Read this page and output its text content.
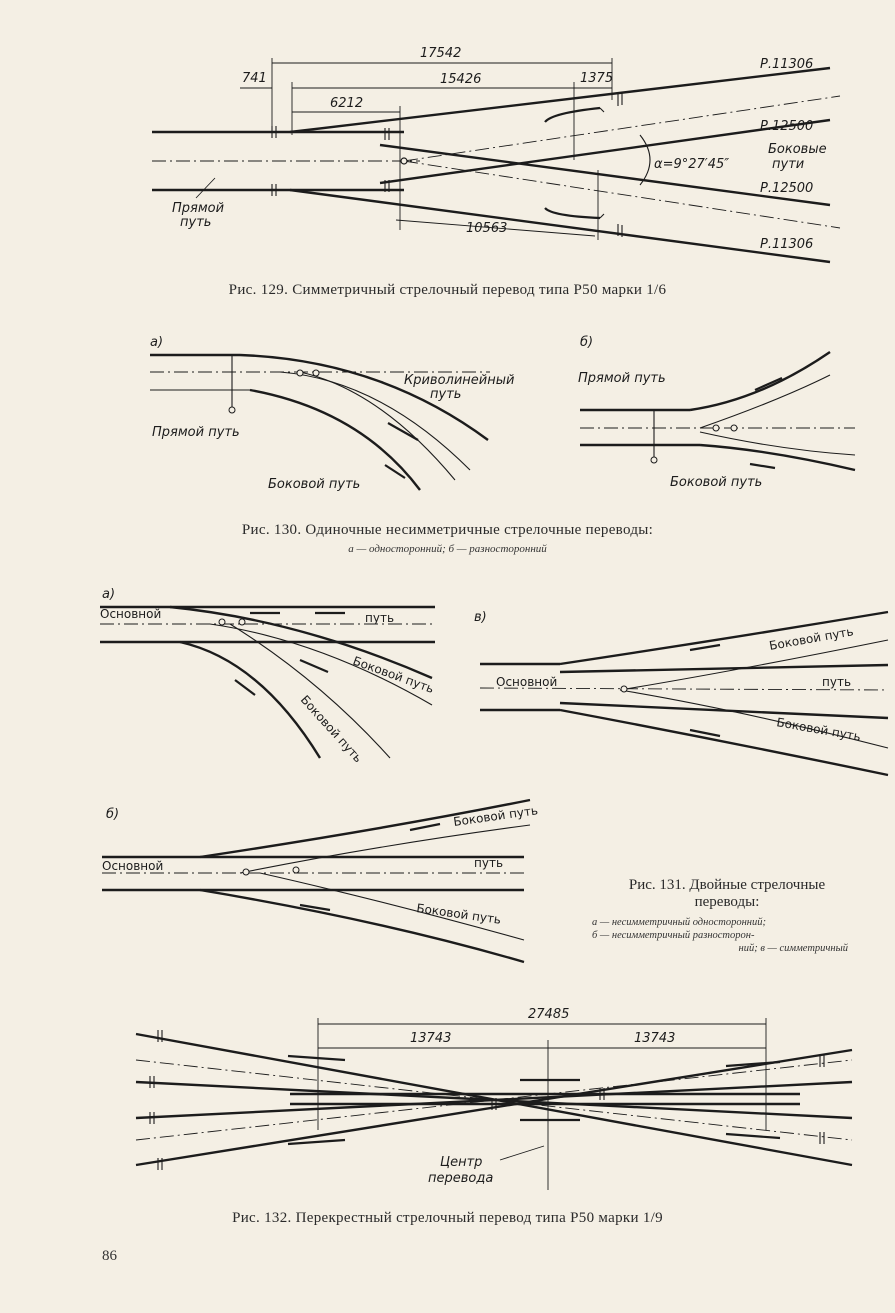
17542
741	15426	1375
6212
10563
Р.11306
Р.12500
Р.12500
Р.11306
α=9°27′45″
Боковые
пути
Прямой
путь
Рис. 129. Симметричный стрелочный перевод типа Р50 марки 1/6
а)
Криволинейный
путь
Прямой путь
Боковой путь
б)
Прямой путь
Боковой путь
Рис. 130. Одиночные несимметричные стрелочные переводы:
а — односторонний; б — разносторонний
а)
Основной	путь
Боковой путь
Боковой путь
в)
Боковой путь
Основной	путь
Боковой путь
б)	Боковой путь
Основной	путь
Боковой путь
Рис. 131. Двойные стрелочные
переводы:
а — несимметричный односторонний;
б — несимметричный разносторон-
ний; в — симметричный
27485
13743	13743
Центр
перевода
Рис. 132. Перекрестный стрелочный перевод типа Р50 марки 1/9
86
